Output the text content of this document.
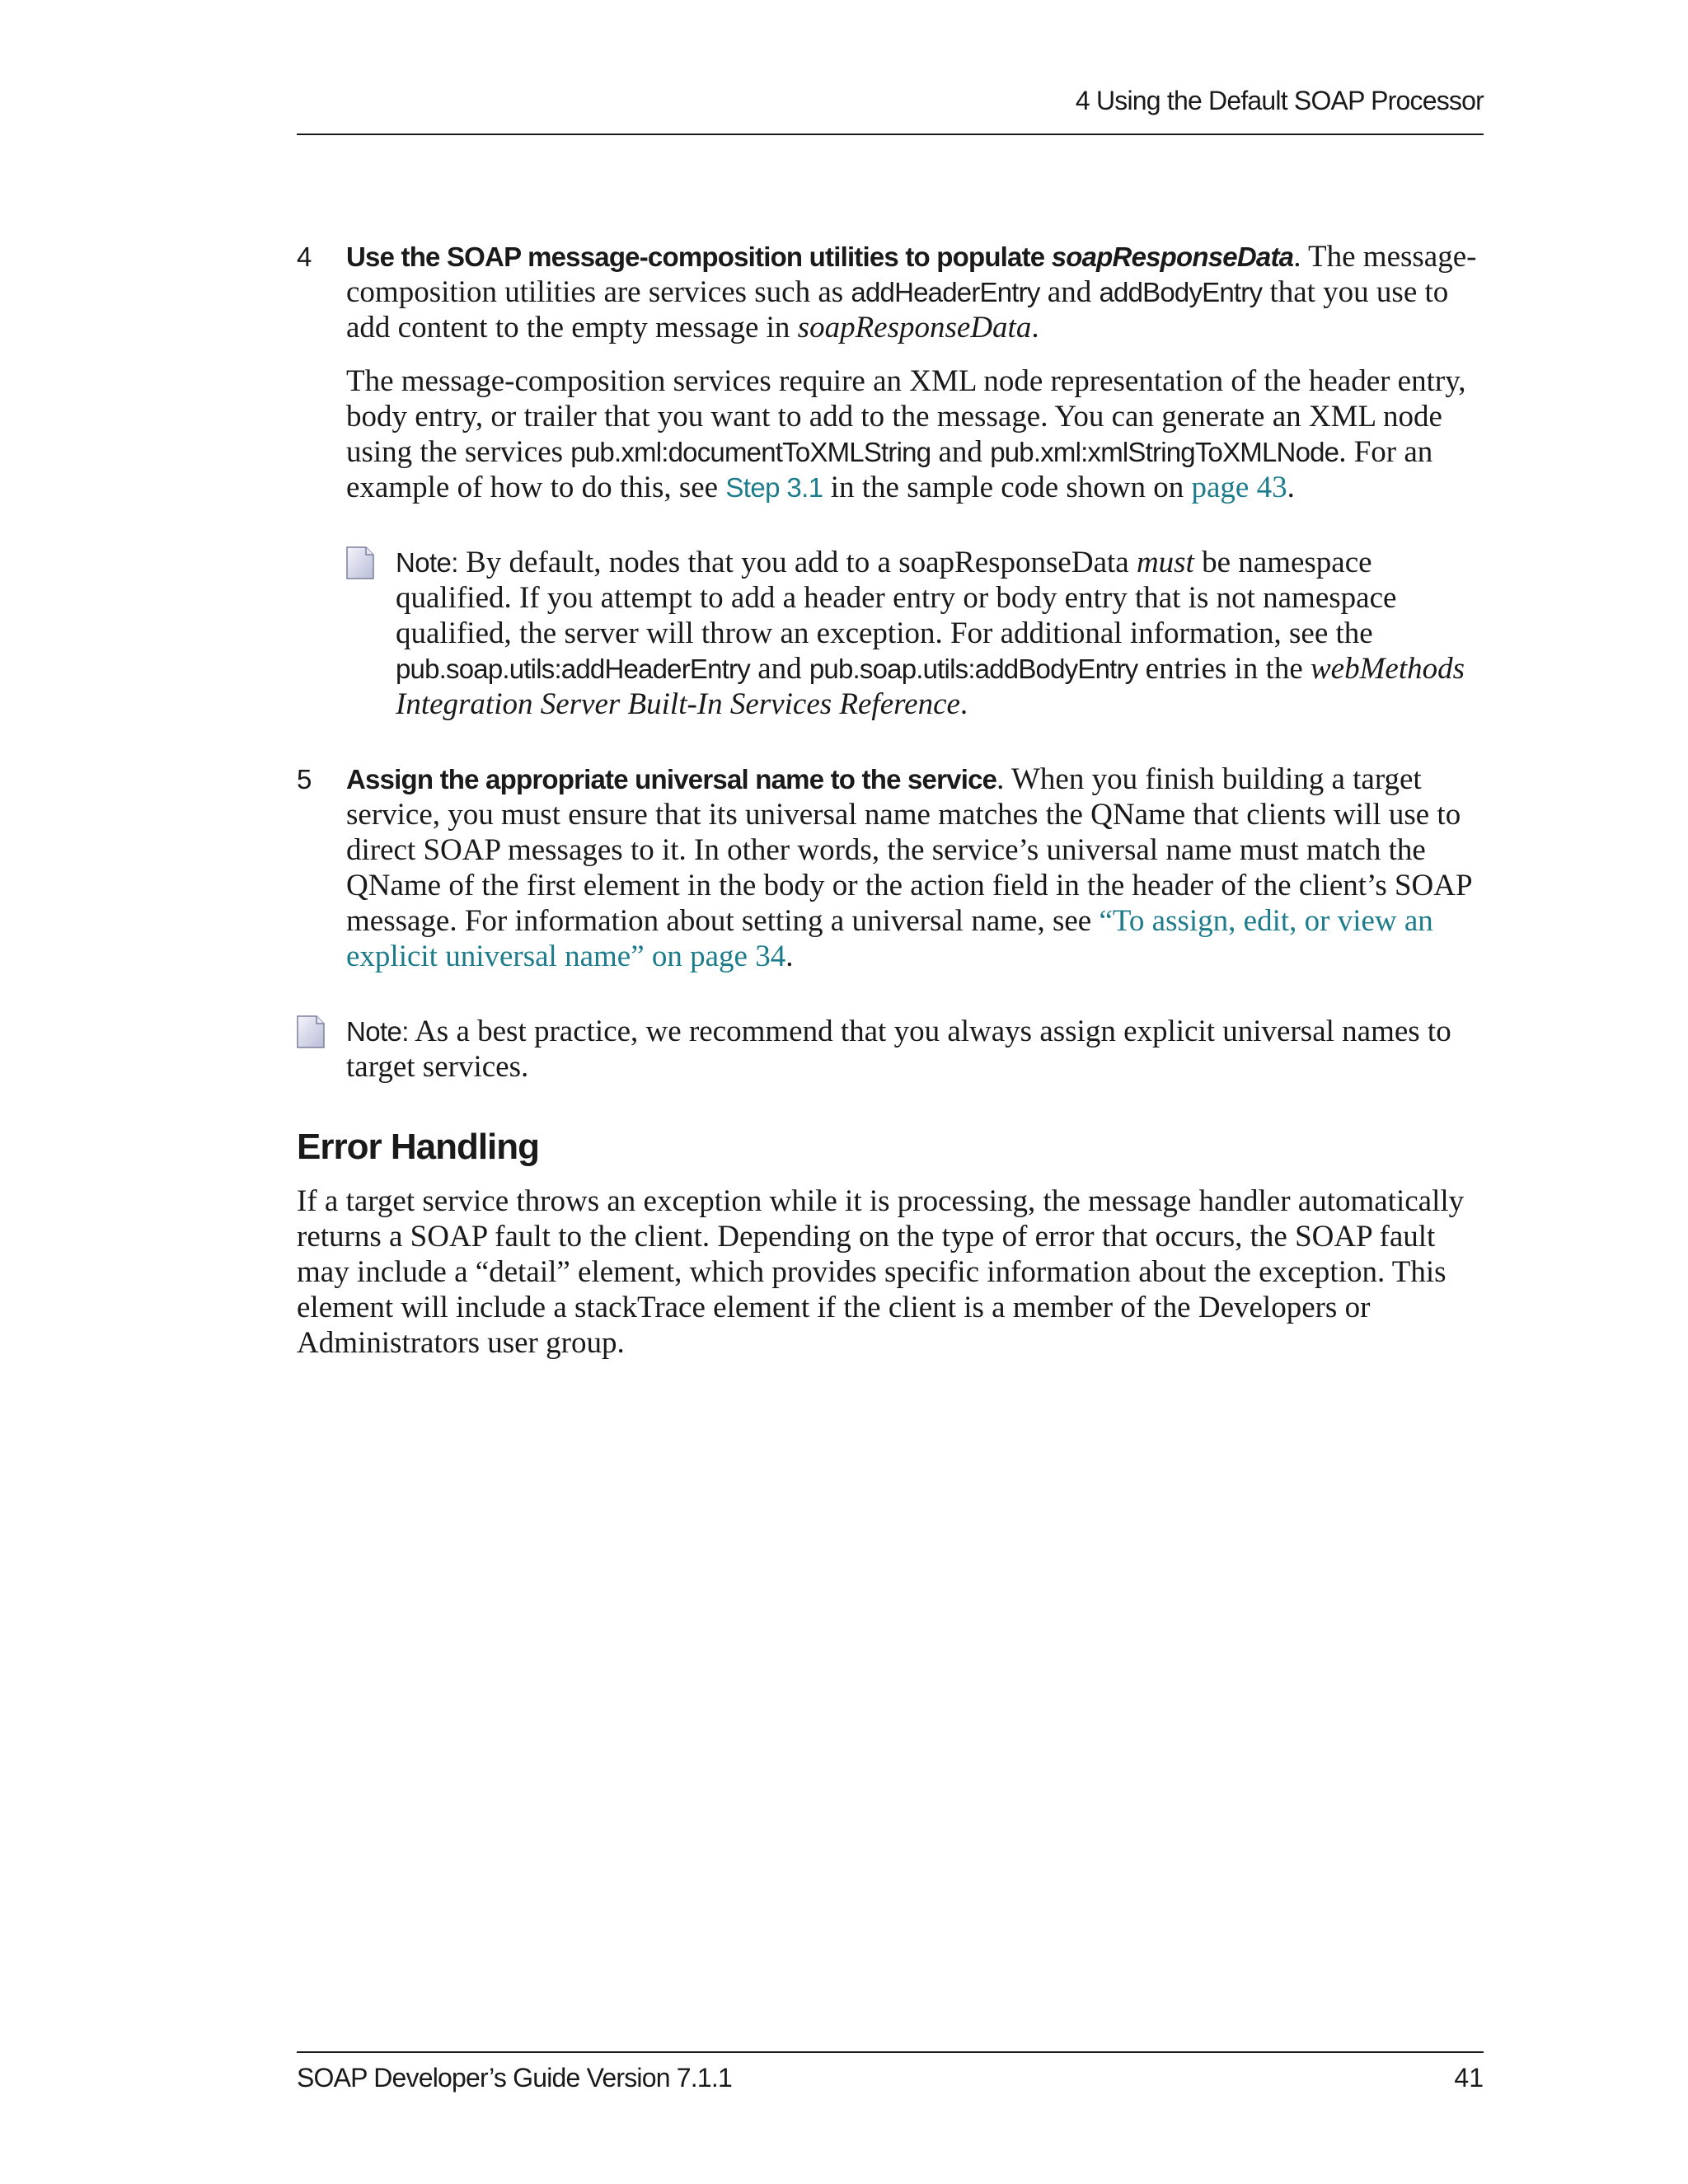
4 Using the Default SOAP Processor
4 Use the SOAP message-composition utilities to populate soapResponseData. The message-composition utilities are services such as addHeaderEntry and addBodyEntry that you use to add content to the empty message in soapResponseData.

The message-composition services require an XML node representation of the header entry, body entry, or trailer that you want to add to the message. You can generate an XML node using the services pub.xml:documentToXMLString and pub.xml:xmlStringToXMLNode. For an example of how to do this, see Step 3.1 in the sample code shown on page 43.

Note: By default, nodes that you add to a soapResponseData must be namespace qualified. If you attempt to add a header entry or body entry that is not namespace qualified, the server will throw an exception. For additional information, see the pub.soap.utils:addHeaderEntry and pub.soap.utils:addBodyEntry entries in the webMethods Integration Server Built-In Services Reference.

5 Assign the appropriate universal name to the service. When you finish building a target service, you must ensure that its universal name matches the QName that clients will use to direct SOAP messages to it. In other words, the service’s universal name must match the QName of the first element in the body or the action field in the header of the client’s SOAP message. For information about setting a universal name, see “To assign, edit, or view an explicit universal name” on page 34.

Note: As a best practice, we recommend that you always assign explicit universal names to target services.

Error Handling

If a target service throws an exception while it is processing, the message handler automatically returns a SOAP fault to the client. Depending on the type of error that occurs, the SOAP fault may include a “detail” element, which provides specific information about the exception. This element will include a stackTrace element if the client is a member of the Developers or Administrators user group.

SOAP Developer’s Guide Version 7.1.1	41
